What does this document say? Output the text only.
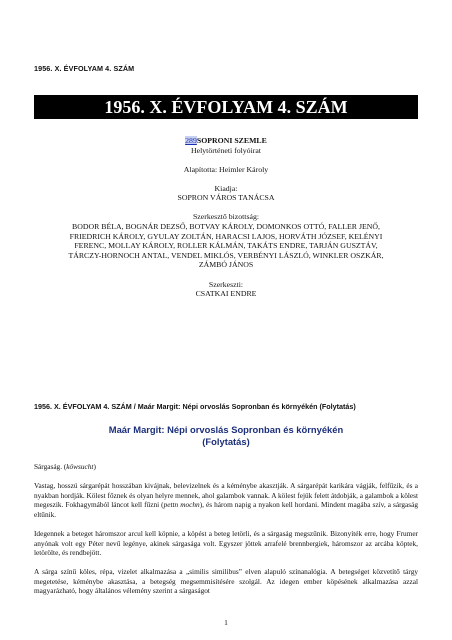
1956. X. ÉVFOLYAM 4. SZÁM
1956. X. ÉVFOLYAM 4. SZÁM

289SOPRONI SZEMLE

Helytörténeti folyóirat

Alapította: Heimler Károly

Kiadja:

SOPRON VÁROS TANÁCSA

Szerkesztő bizottság:

BODOR BÉLA, BOGNÁR DEZSŐ, BOTVAY KÁROLY, DOMONKOS OTTÓ, FALLER JENŐ,

FRIEDRICH KÁROLY, GYULAY ZOLTÁN, HARACSI LAJOS, HORVÁTH JÓZSEF, KELÉNYI

FERENC, MOLLAY KÁROLY, ROLLER KÁLMÁN, TAKÁTS ENDRE, TARJÁN GUSZTÁV,

TÁRCZY-HORNOCH ANTAL, VENDEL MIKLÓS, VERBÉNYI LÁSZLÓ, WINKLER OSZKÁR,

ZÁMBÓ JÁNOS

Szerkeszti:

CSATKAI ENDRE

1956. X. ÉVFOLYAM 4. SZÁM / Maár Margit: Népi orvoslás Sopronban és környékén (Folytatás)
Maár Margit: Népi orvoslás Sopronban és környékén
(Folytatás)

Sárgaság. (köwsucht)

Vastag, hosszú sárgarépát hosszában kivájnak, belevizelnek és a kéménybe akasztják. A sárgarépát karikára vágják, felfűzik, és a nyakban hordják. Kölest főznek és olyan helyre mennek, ahol galambok vannak. A kölest fejük felett átdobják, a galambok a kölest megeszik. Fokhagymából láncot kell fűzni (pettn mochn), és három napig a nyakon kell hordani. Mindent magába szív, a sárgaság eltűnik.

Idegennek a beteget háromszor arcul kell köpnie, a köpést a beteg letörli, és a sárgaság megszűnik. Bizonyíték erre, hogy Frumer anyónak volt egy Péter nevű legénye, akinek sárgasága volt. Egyszer jöttek arrafelé brennbergiek, háromszor az arcába köptek, letörölte, és rendbejött.

A sárga színű köles, répa, vizelet alkalmazása a „similis similibus” elven alapuló színanalógia. A betegséget közvetítő tárgy megetetése, kéménybe akasztása, a betegség megsemmisítésére szolgál. Az idegen ember köpésének alkalmazása azzal magyarázható, hogy általános vélemény szerint a sárgaságot

1
